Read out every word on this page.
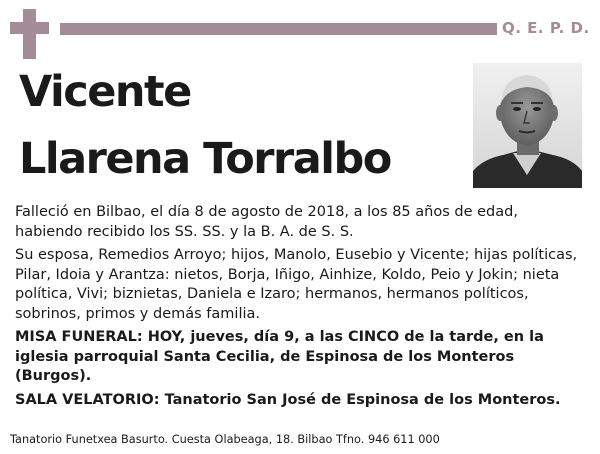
Q. E. P. D.
Vicente
Llarena Torralbo

Falleció en Bilbao, el día 8 de agosto de 2018, a los 85 años de edad, habiendo recibido los SS. SS. y la B. A. de S. S.

Su esposa, Remedios Arroyo; hijos, Manolo, Eusebio y Vicente; hijas políticas, Pilar, Idoia y Arantza: nietos, Borja, Iñigo, Ainhize, Koldo, Peio y Jokin; nieta política, Vivi; biznietas, Daniela e Izaro; hermanos, hermanos políticos, sobrinos, primos y demás familia.

MISA FUNERAL: HOY, jueves, día 9, a las CINCO de la tarde, en la iglesia parroquial Santa Cecilia, de Espinosa de los Monteros (Burgos).

SALA VELATORIO: Tanatorio San José de Espinosa de los Monteros.

Tanatorio Funetxea Basurto. Cuesta Olabeaga, 18. Bilbao Tfno. 946 611 000
